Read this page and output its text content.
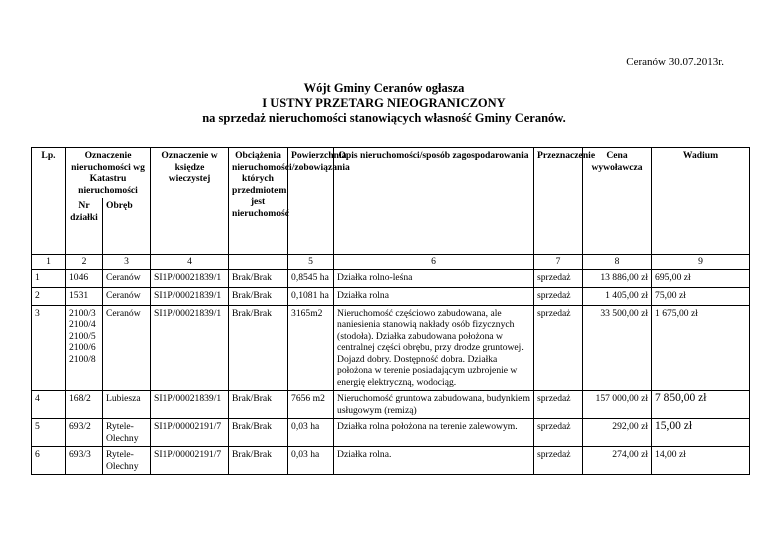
Ceranów 30.07.2013r.
Wójt Gminy Ceranów ogłasza
I USTNY PRZETARG NIEOGRANICZONY
na sprzedaż nieruchomości stanowiących własność Gminy Ceranów.
Lp.	Oznaczenie nieruchomości wg Katastru nieruchomości		Oznaczenie w księdze wieczystej	Obciążenia nieruchomości/zobowiązania których przedmiotem jest nieruchomość	Powierzchnia	Opis nieruchomości/sposób zagospodarowania	Przeznaczenie	Cena wywoławcza	Wadium
	Nr działki	Obręb							
1	2	3	4		5	6	7	8	9
1	1046	Ceranów	SI1P/00021839/1	Brak/Brak	0,8545 ha	Działka rolno-leśna	sprzedaż	13 886,00 zł	695,00 zł
2	1531	Ceranów	SI1P/00021839/1	Brak/Brak	0,1081 ha	Działka rolna	sprzedaż	1 405,00 zł	75,00 zł
3	2100/3 2100/4 2100/5 2100/6 2100/8	Ceranów	SI1P/00021839/1	Brak/Brak	3165m2	Nieruchomość częściowo zabudowana, ale naniesienia stanowią nakłady osób fizycznych (stodoła). Działka zabudowana położona w centralnej części obrębu, przy drodze gruntowej. Dojazd dobry. Dostępność dobra. Działka położona w terenie posiadającym uzbrojenie w energię elektryczną, wodociąg.	sprzedaż	33 500,00 zł	1 675,00 zł
4	168/2	Lubiesza	SI1P/00021839/1	Brak/Brak	7656 m2	Nieruchomość gruntowa zabudowana, budynkiem usługowym (remizą)	sprzedaż	157 000,00 zł	7 850,00 zł
5	693/2	Rytele-Olechny	SI1P/00002191/7	Brak/Brak	0,03 ha	Działka rolna położona na terenie zalewowym.	sprzedaż	292,00 zł	15,00 zł
6	693/3	Rytele-Olechny	SI1P/00002191/7	Brak/Brak	0,03 ha	Działka rolna.	sprzedaż	274,00 zł	14,00 zł
